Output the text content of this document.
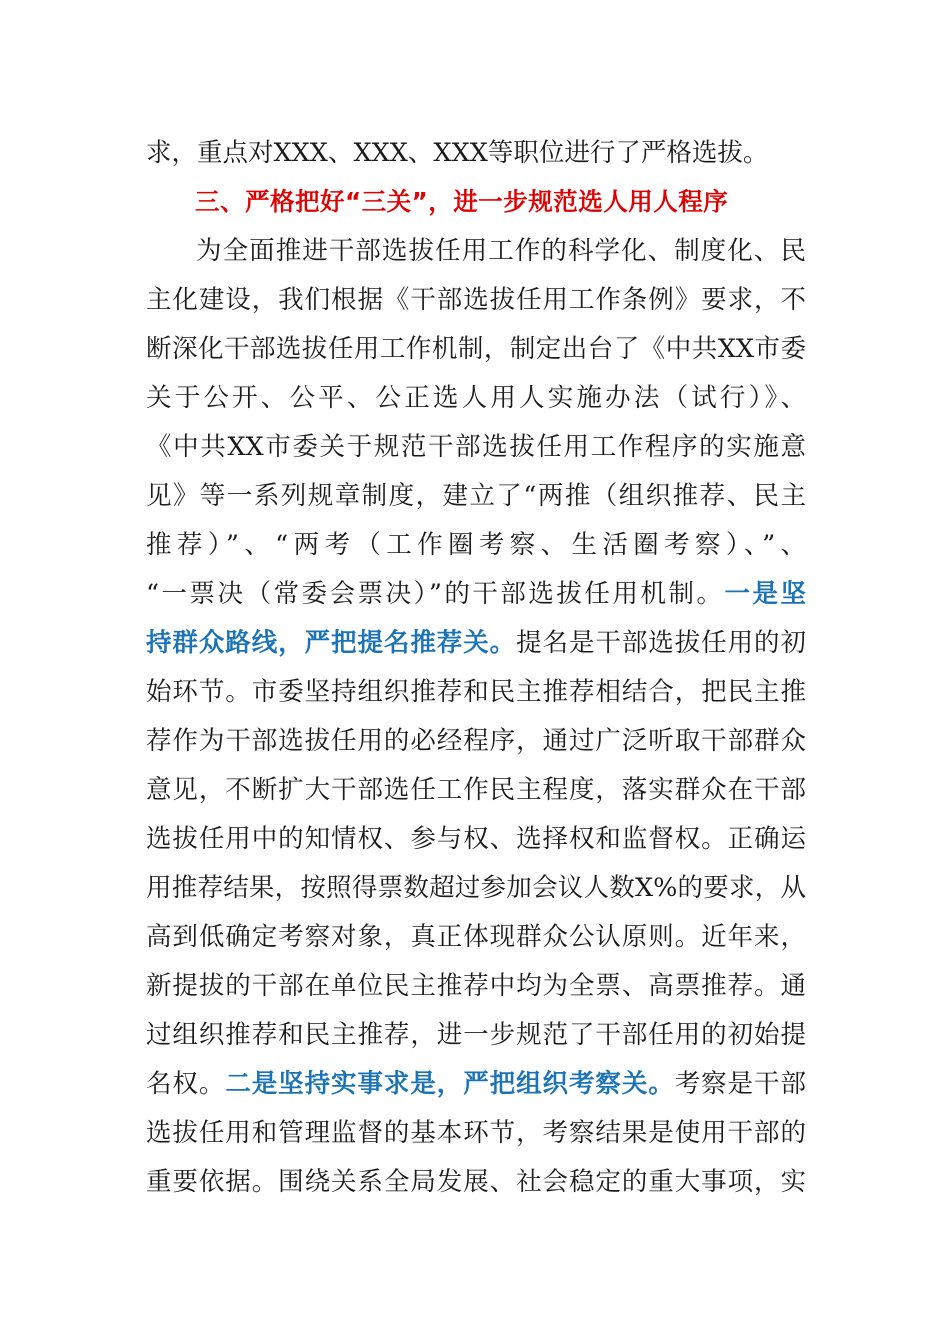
求，重点对XXX、XXX、XXX等职位进行了严格选拔。
三、严格把好“三关”，进一步规范选人用人程序
为全面推进干部选拔任用工作的科学化、制度化、民
主化建设，我们根据《干部选拔任用工作条例》要求，不
断深化干部选拔任用工作机制，制定出台了《中共XX市委
关于公开、公平、公正选人用人实施办法（试行）》、
《中共XX市委关于规范干部选拔任用工作程序的实施意
见》等一系列规章制度，建立了“两推（组织推荐、民主
推荐）”、“两考（工作圈考察、生活圈考察）、”、
“一票决（常委会票决）”的干部选拔任用机制。一是坚
持群众路线，严把提名推荐关。提名是干部选拔任用的初
始环节。市委坚持组织推荐和民主推荐相结合，把民主推
荐作为干部选拔任用的必经程序，通过广泛听取干部群众
意见，不断扩大干部选任工作民主程度，落实群众在干部
选拔任用中的知情权、参与权、选择权和监督权。正确运
用推荐结果，按照得票数超过参加会议人数X%的要求，从
高到低确定考察对象，真正体现群众公认原则。近年来，
新提拔的干部在单位民主推荐中均为全票、高票推荐。通
过组织推荐和民主推荐，进一步规范了干部任用的初始提
名权。二是坚持实事求是，严把组织考察关。考察是干部
选拔任用和管理监督的基本环节，考察结果是使用干部的
重要依据。围绕关系全局发展、社会稳定的重大事项，实
